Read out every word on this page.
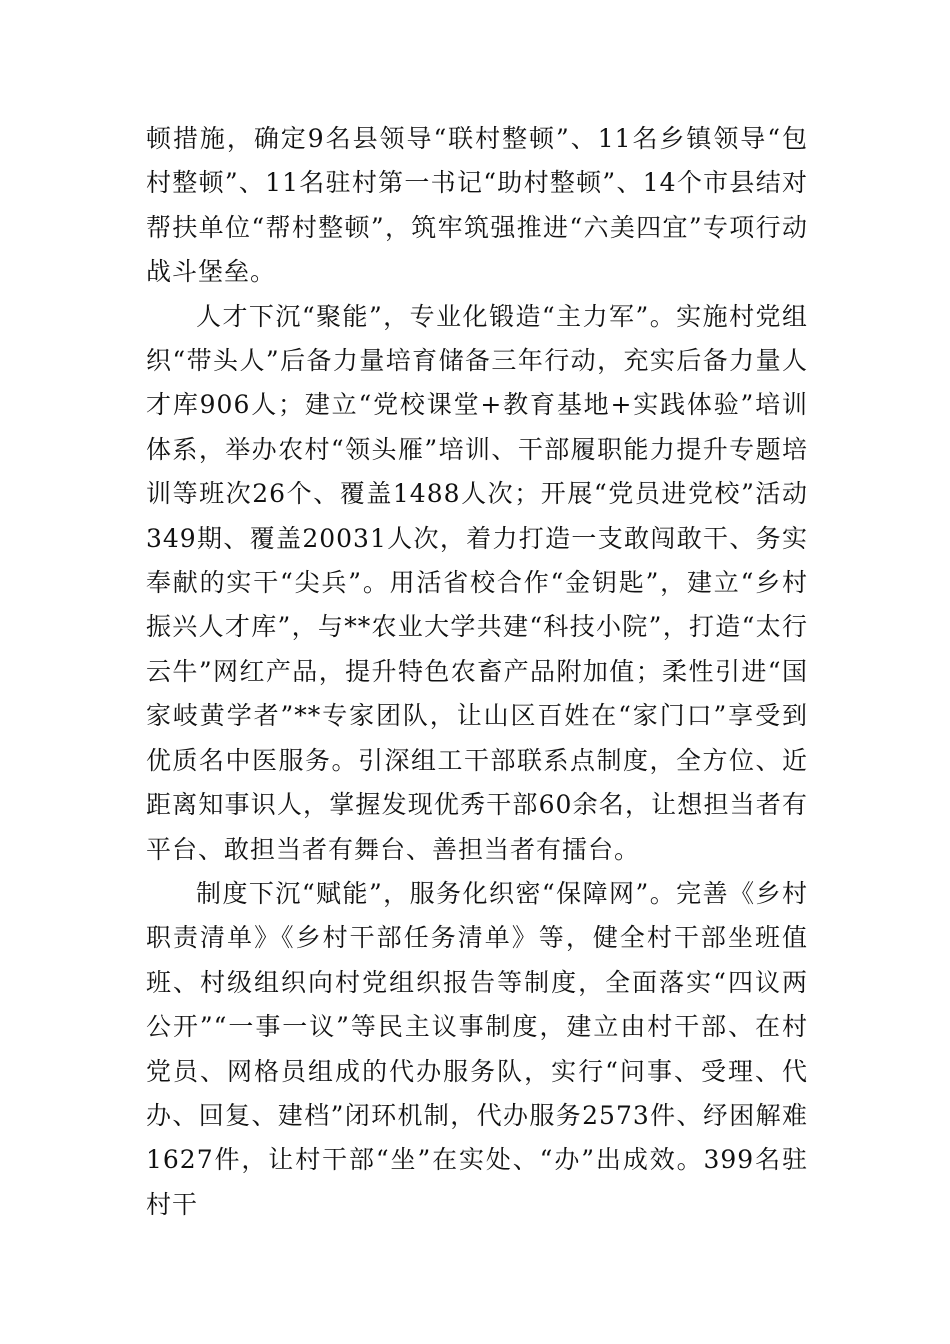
顿措施，确定9名县领导“联村整顿”、11名乡镇领导“包村整顿”、11名驻村第一书记“助村整顿”、14个市县结对帮扶单位“帮村整顿”，筑牢筑强推进“六美四宜”专项行动战斗堡垒。

人才下沉“聚能”，专业化锻造“主力军”。实施村党组织“带头人”后备力量培育储备三年行动，充实后备力量人才库906人；建立“党校课堂+教育基地+实践体验”培训体系，举办农村“领头雁”培训、干部履职能力提升专题培训等班次26个、覆盖1488人次；开展“党员进党校”活动349期、覆盖20031人次，着力打造一支敢闯敢干、务实奉献的实干“尖兵”。用活省校合作“金钥匙”，建立“乡村振兴人才库”，与**农业大学共建“科技小院”，打造“太行云牛”网红产品，提升特色农畜产品附加值；柔性引进“国家岐黄学者”**专家团队，让山区百姓在“家门口”享受到优质名中医服务。引深组工干部联系点制度，全方位、近距离知事识人，掌握发现优秀干部60余名，让想担当者有平台、敢担当者有舞台、善担当者有擂台。

制度下沉“赋能”，服务化织密“保障网”。完善《乡村职责清单》《乡村干部任务清单》等，健全村干部坐班值班、村级组织向村党组织报告等制度，全面落实“四议两公开”“一事一议”等民主议事制度，建立由村干部、在村党员、网格员组成的代办服务队，实行“问事、受理、代办、回复、建档”闭环机制，代办服务2573件、纾困解难1627件，让村干部“坐”在实处、“办”出成效。399名驻村干
